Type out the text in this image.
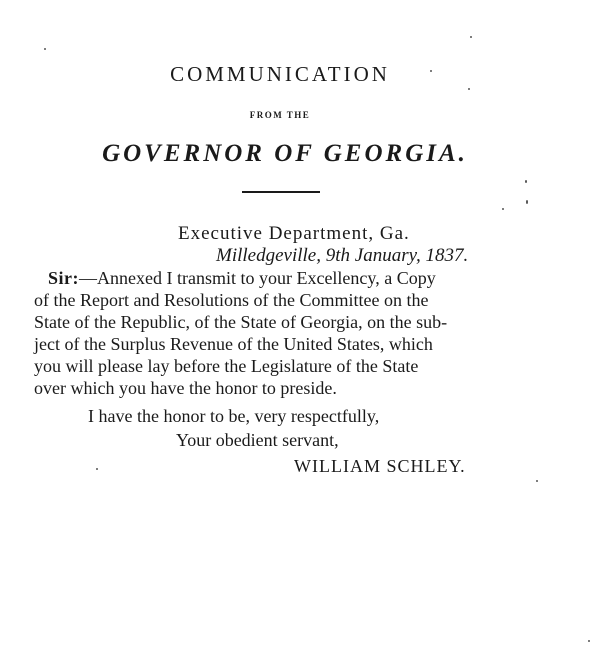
COMMUNICATION
FROM THE
GOVERNOR OF GEORGIA.
Executive Department, Ga.
Milledgeville, 9th January, 1837.
Sir:—Annexed I transmit to your Excellency, a Copy
of the Report and Resolutions of the Committee on the
State of the Republic, of the State of Georgia, on the sub-
ject of the Surplus Revenue of the United States, which
you will please lay before the Legislature of the State
over which you have the honor to preside.
I have the honor to be, very respectfully,
Your obedient servant,
WILLIAM SCHLEY.
